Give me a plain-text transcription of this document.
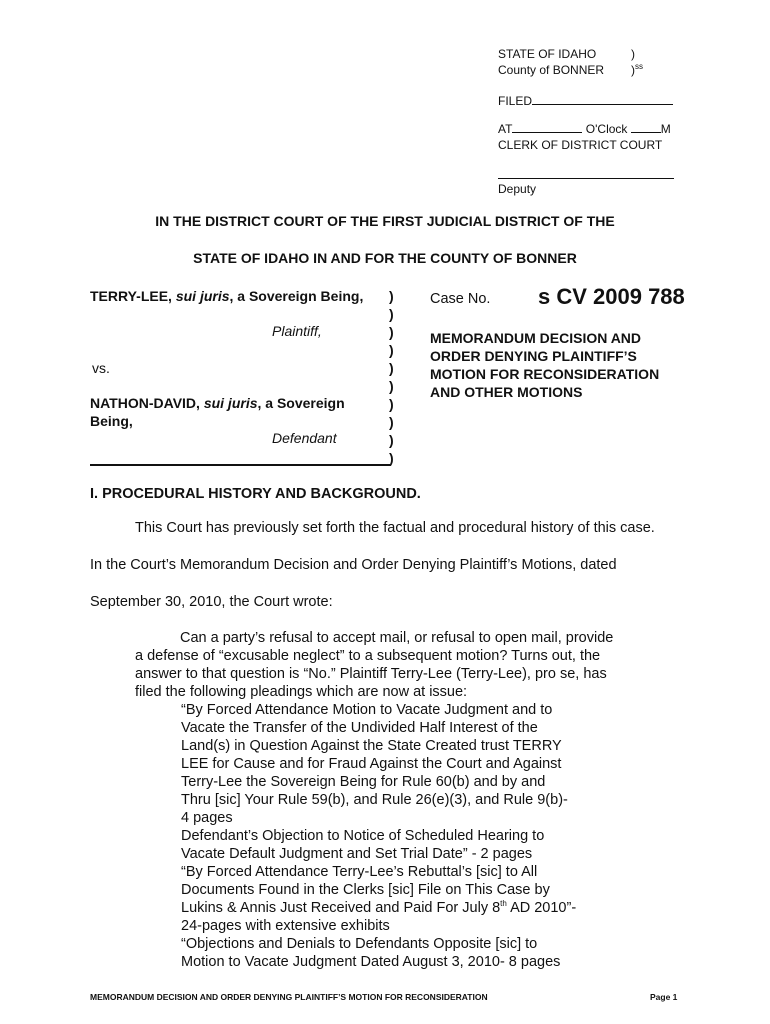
STATE OF IDAHO
County of BONNER
)
)$^{ss}$
FILED
AT	O'Clock	M
CLERK OF DISTRICT COURT
Deputy
IN THE DISTRICT COURT OF THE FIRST JUDICIAL DISTRICT OF THE
STATE OF IDAHO IN AND FOR THE COUNTY OF BONNER
TERRY-LEE, sui juris, a Sovereign Being,
Plaintiff,
vs.
NATHON-DAVID, sui juris, a Sovereign
Being,
Defendant
)
)
)
)
)
)
)
)
)
)
Case No. s CV 2009 788
MEMORANDUM DECISION AND
ORDER DENYING PLAINTIFF’S
MOTION FOR RECONSIDERATION
AND OTHER MOTIONS
I. PROCEDURAL HISTORY AND BACKGROUND.
This Court has previously set forth the factual and procedural history of this case.
In the Court’s Memorandum Decision and Order Denying Plaintiff’s Motions, dated
September 30, 2010, the Court wrote:
Can a party’s refusal to accept mail, or refusal to open mail, provide
a defense of “excusable neglect” to a subsequent motion? Turns out, the
answer to that question is “No.” Plaintiff Terry-Lee (Terry-Lee), pro se, has
filed the following pleadings which are now at issue:
“By Forced Attendance Motion to Vacate Judgment and to
Vacate the Transfer of the Undivided Half Interest of the
Land(s) in Question Against the State Created trust TERRY
LEE for Cause and for Fraud Against the Court and Against
Terry-Lee the Sovereign Being for Rule 60(b) and by and
Thru [sic] Your Rule 59(b), and Rule 26(e)(3), and Rule 9(b)-
4 pages
Defendant’s Objection to Notice of Scheduled Hearing to
Vacate Default Judgment and Set Trial Date” - 2 pages
“By Forced Attendance Terry-Lee’s Rebuttal’s [sic] to All
Documents Found in the Clerks [sic] File on This Case by
Lukins & Annis Just Received and Paid For July 8th AD 2010”-
24-pages with extensive exhibits
“Objections and Denials to Defendants Opposite [sic] to
Motion to Vacate Judgment Dated August 3, 2010- 8 pages
MEMORANDUM DECISION AND ORDER DENYING PLAINTIFF’S MOTION FOR RECONSIDERATION	Page 1
